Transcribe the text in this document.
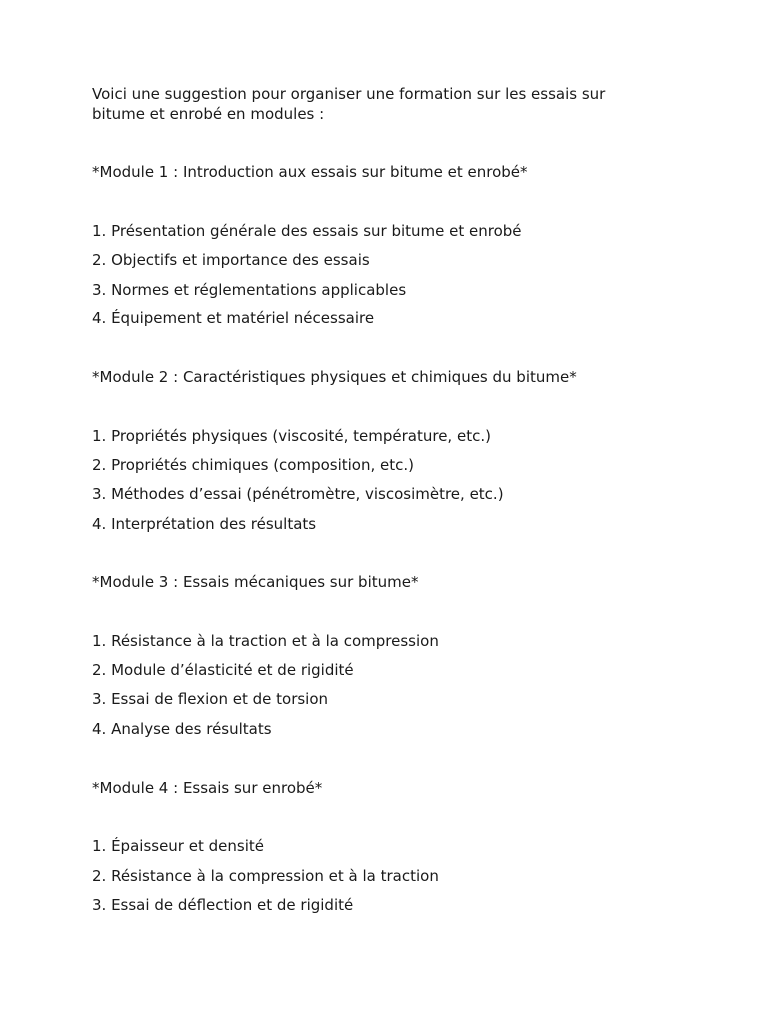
Voici une suggestion pour organiser une formation sur les essais sur bitume et enrobé en modules :

*Module 1 : Introduction aux essais sur bitume et enrobé*

1. Présentation générale des essais sur bitume et enrobé

2. Objectifs et importance des essais

3. Normes et réglementations applicables

4. Équipement et matériel nécessaire

*Module 2 : Caractéristiques physiques et chimiques du bitume*

1. Propriétés physiques (viscosité, température, etc.)

2. Propriétés chimiques (composition, etc.)

3. Méthodes d’essai (pénétromètre, viscosimètre, etc.)

4. Interprétation des résultats

*Module 3 : Essais mécaniques sur bitume*

1. Résistance à la traction et à la compression

2. Module d’élasticité et de rigidité

3. Essai de flexion et de torsion

4. Analyse des résultats

*Module 4 : Essais sur enrobé*

1. Épaisseur et densité

2. Résistance à la compression et à la traction

3. Essai de déflection et de rigidité
